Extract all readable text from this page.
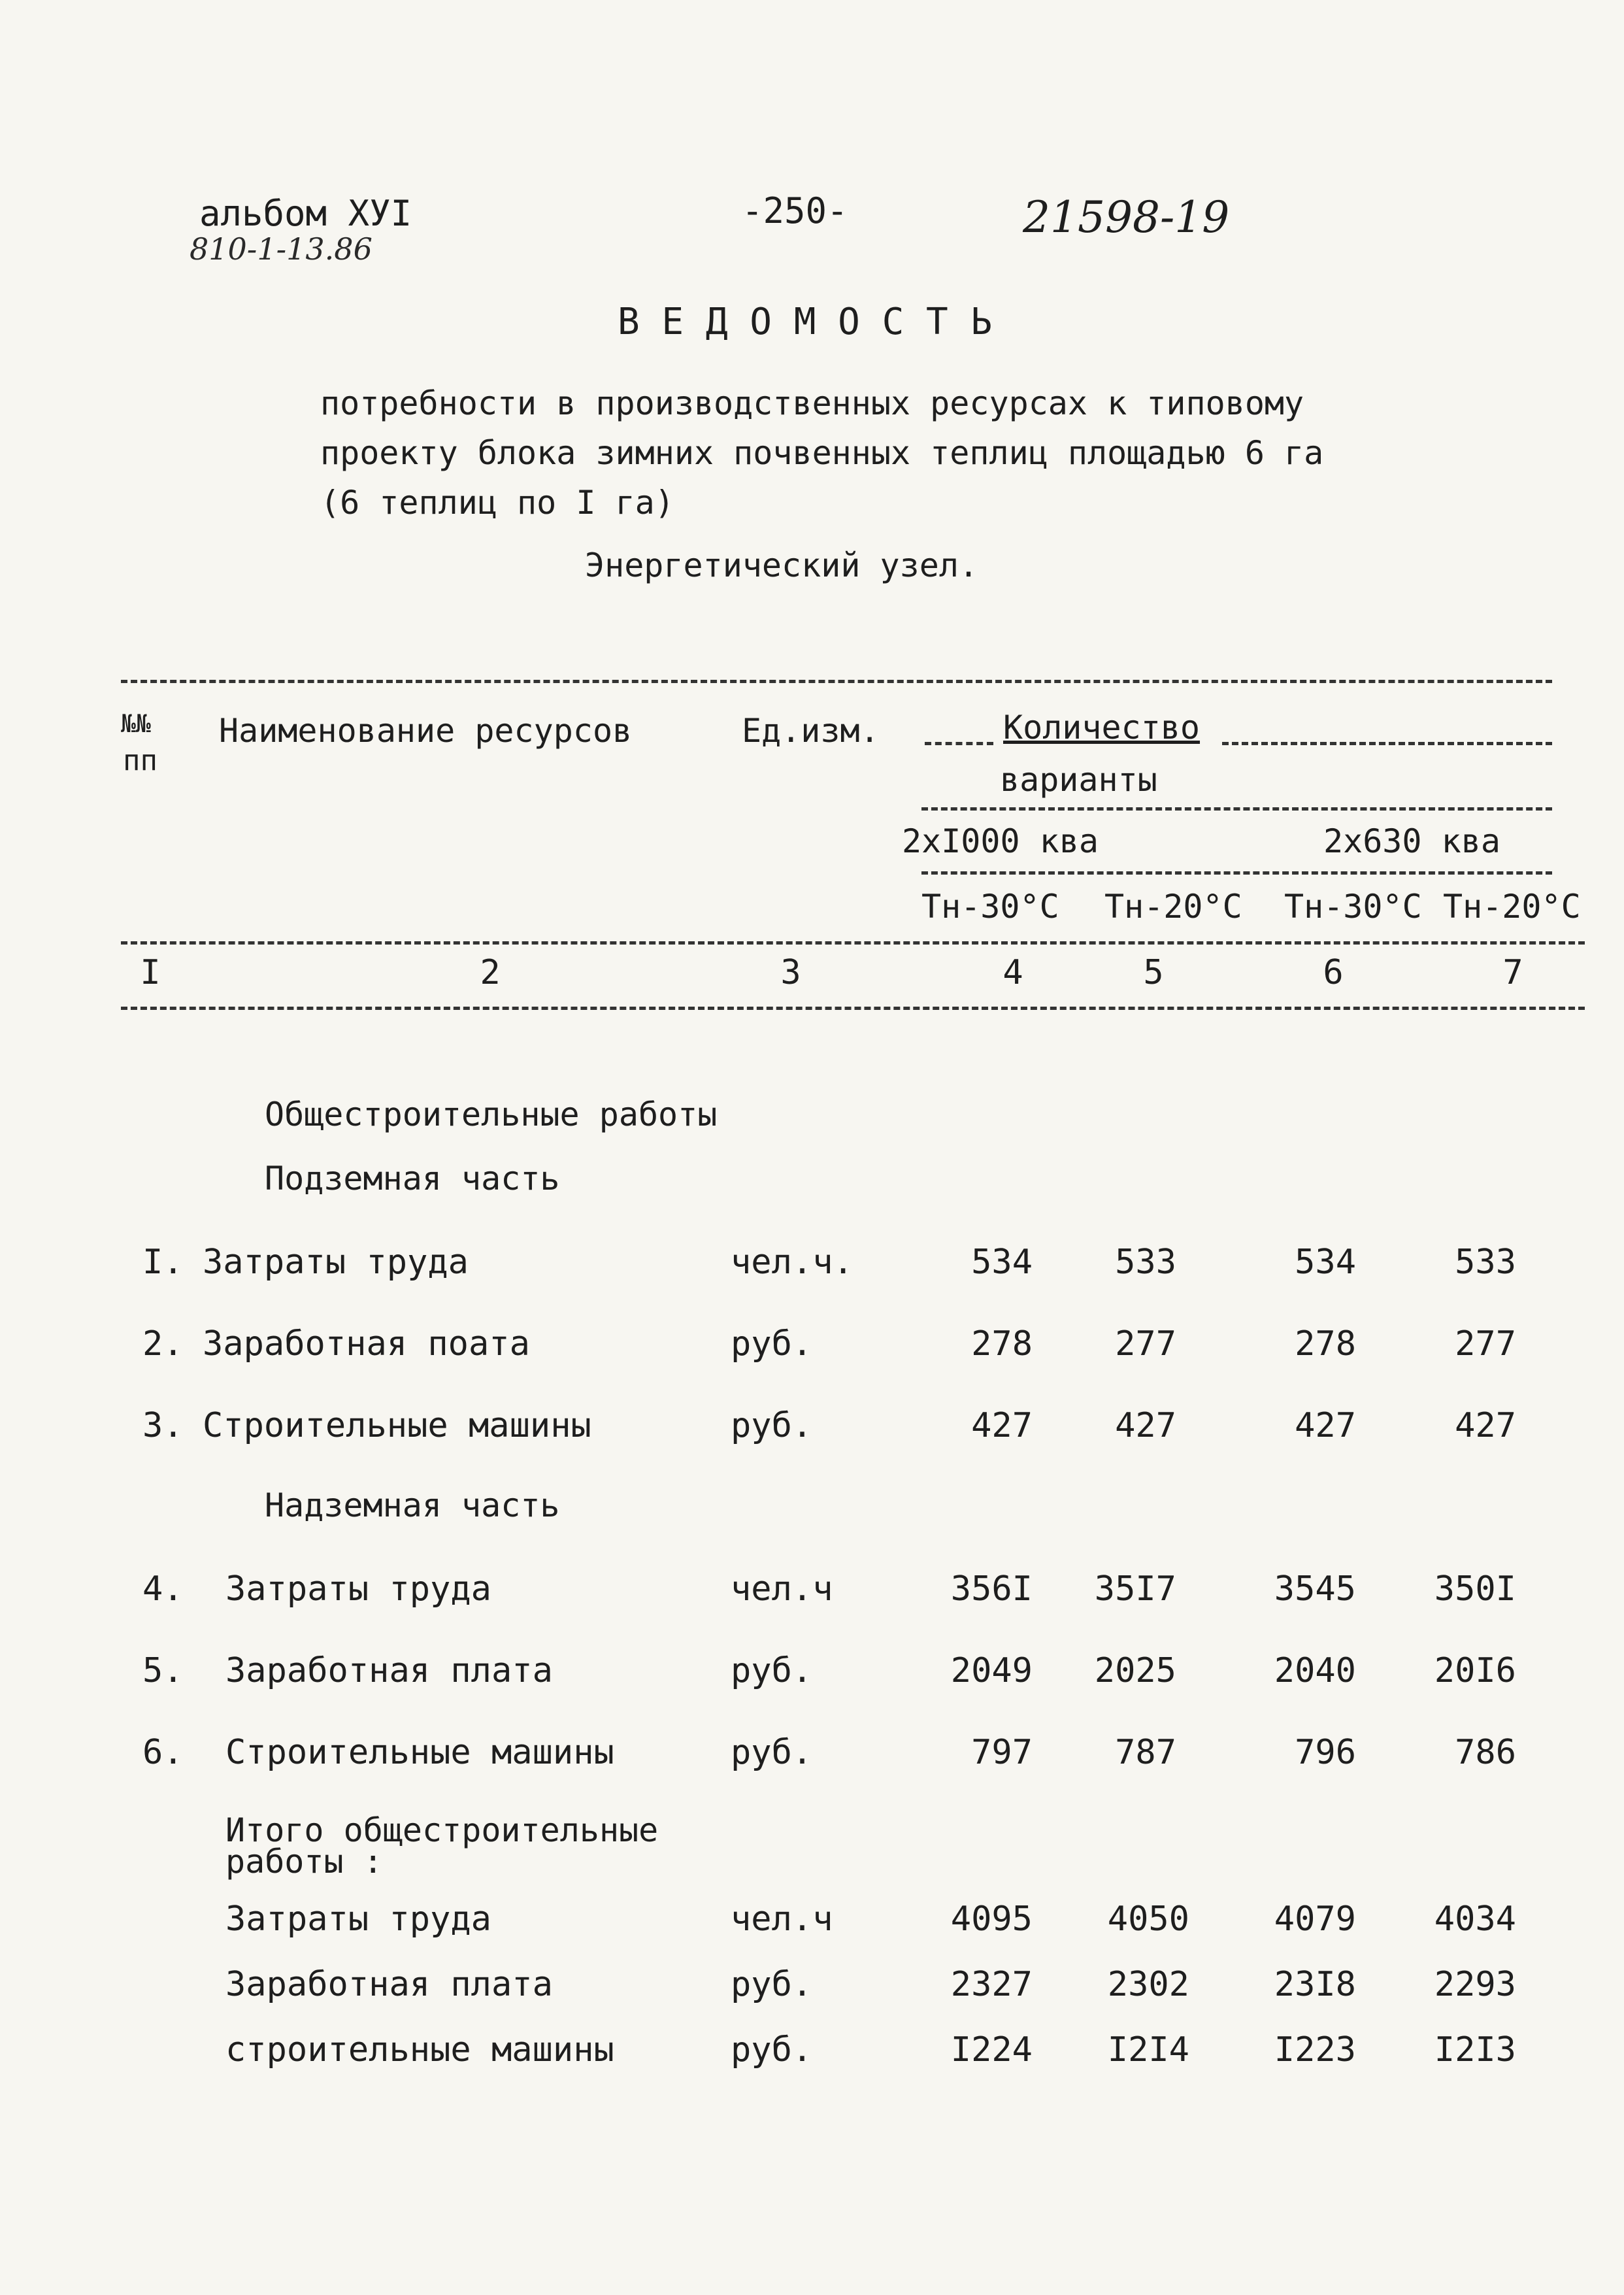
альбом ХУI
810-1-13.86
-250-	21598-19
В Е Д О М О С Т Ь
потребности в производственных ресурсах к типовому
проекту блока зимних почвенных теплиц площадью 6 га
(6 теплиц по I га)
Энергетический узел.
№№
пп
Наименование ресурсов	Ед.изм.	Количество
варианты
2хI000 ква	2х630 ква
Тн-30°С Тн-20°С Тн-30°С Тн-20°С
I	2	3	4	5	6	7
Общестроительные работы
Подземная часть
Надземная часть
Итого общестроительные
работы :
I. Затраты труда	чел.ч.	534	533	534	533
2. Заработная поата	руб.	278	277	278	277
3. Строительные машины	руб.	427	427	427	427
4. Затраты труда	чел.ч	356I	35I7	3545	350I
5. Заработная плата	руб.	2049	2025	2040	20I6
6. Строительные машины	руб.	797	787	796	786
Затраты труда	чел.ч	4095	4050	4079	4034
Заработная плата	руб.	2327	2302	23I8	2293
строительные машины	руб.	I224	I2I4	I223	I2I3
